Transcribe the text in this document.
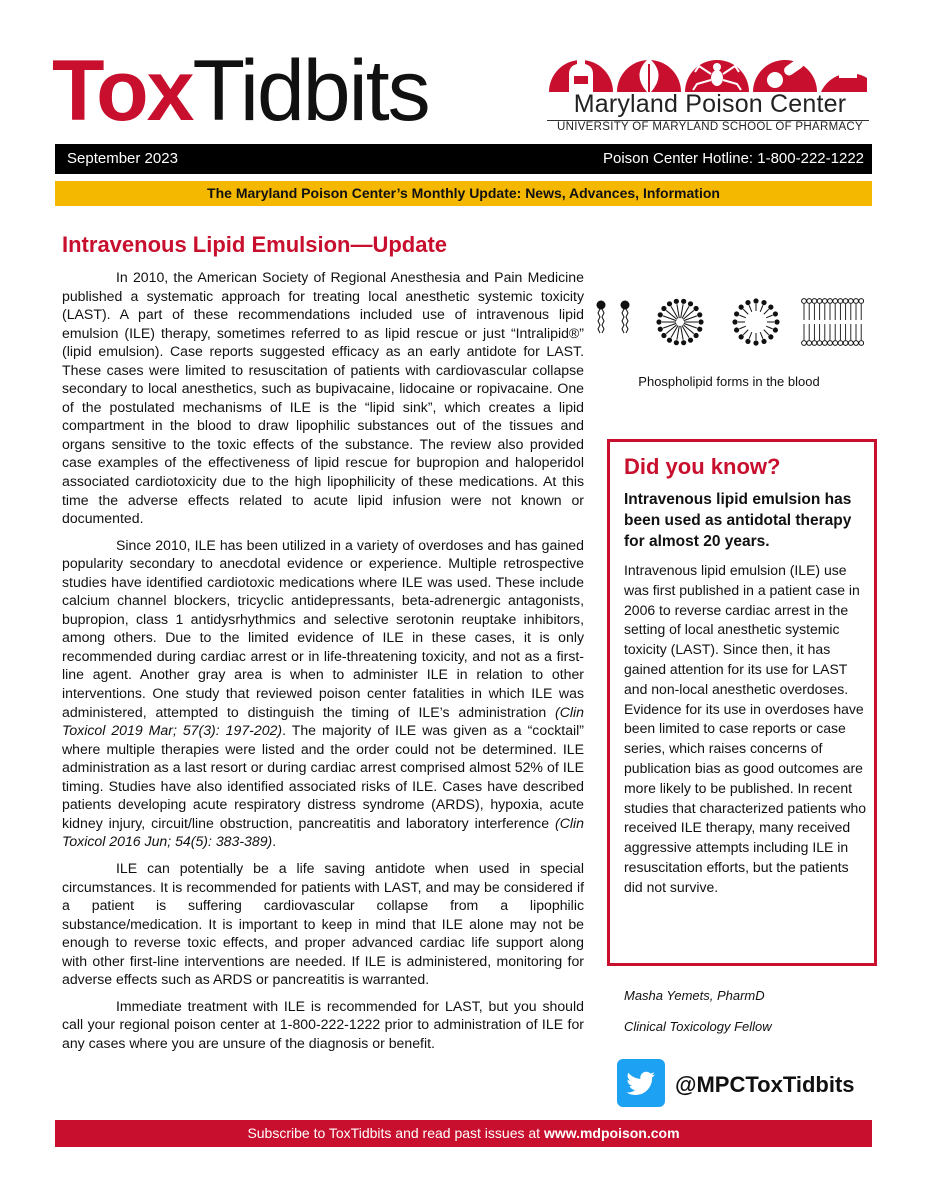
ToxTidbits	Maryland Poison Center
UNIVERSITY OF MARYLAND SCHOOL OF PHARMACY
September 2023	Poison Center Hotline: 1-800-222-1222
The Maryland Poison Center’s Monthly Update: News, Advances, Information
Intravenous Lipid Emulsion—Update

In 2010, the American Society of Regional Anesthesia and Pain Medicine published a systematic approach for treating local anesthetic systemic toxicity (LAST). A part of these recommendations included use of intravenous lipid emulsion (ILE) therapy, sometimes referred to as lipid rescue or just “Intralipid®” (lipid emulsion). Case reports suggested efficacy as an early antidote for LAST. These cases were limited to resuscitation of patients with cardiovascular collapse secondary to local anesthetics, such as bupivacaine, lidocaine or ropivacaine. One of the postulated mechanisms of ILE is the “lipid sink”, which creates a lipid compartment in the blood to draw lipophilic substances out of the tissues and organs sensitive to the toxic effects of the substance. The review also provided case examples of the effectiveness of lipid rescue for bupropion and haloperidol associated cardiotoxicity due to the high lipophilicity of these medications. At this time the adverse effects related to acute lipid infusion were not known or documented.

Since 2010, ILE has been utilized in a variety of overdoses and has gained popularity secondary to anecdotal evidence or experience. Multiple retrospective studies have identified cardiotoxic medications where ILE was used. These include calcium channel blockers, tricyclic antidepressants, beta-adrenergic antagonists, bupropion, class 1 antidysrhythmics and selective serotonin reuptake inhibitors, among others. Due to the limited evidence of ILE in these cases, it is only recommended during cardiac arrest or in life-threatening toxicity, and not as a first-line agent. Another gray area is when to administer ILE in relation to other interventions. One study that reviewed poison center fatalities in which ILE was administered, attempted to distinguish the timing of ILE’s administration (Clin Toxicol 2019 Mar; 57(3): 197-202). The majority of ILE was given as a “cocktail” where multiple therapies were listed and the order could not be determined. ILE administration as a last resort or during cardiac arrest comprised almost 52% of ILE timing. Studies have also identified associated risks of ILE. Cases have described patients developing acute respiratory distress syndrome (ARDS), hypoxia, acute kidney injury, circuit/line obstruction, pancreatitis and laboratory interference (Clin Toxicol 2016 Jun; 54(5): 383-389).

ILE can potentially be a life saving antidote when used in special circumstances. It is recommended for patients with LAST, and may be considered if a patient is suffering cardiovascular collapse from a lipophilic substance/medication. It is important to keep in mind that ILE alone may not be enough to reverse toxic effects, and proper advanced cardiac life support along with other first-line interventions are needed. If ILE is administered, monitoring for adverse effects such as ARDS or pancreatitis is warranted.

Immediate treatment with ILE is recommended for LAST, but you should call your regional poison center at 1-800-222-1222 prior to administration of ILE for any cases where you are unsure of the diagnosis or benefit.

Phospholipid forms in the blood
Did you know?
Intravenous lipid emulsion has been used as antidotal therapy for almost 20 years.
Intravenous lipid emulsion (ILE) use was first published in a patient case in 2006 to reverse cardiac arrest in the setting of local anesthetic systemic toxicity (LAST). Since then, it has gained attention for its use for LAST and non-local anesthetic overdoses. Evidence for its use in overdoses have been limited to case reports or case series, which raises concerns of publication bias as good outcomes are more likely to be published. In recent studies that characterized patients who received ILE therapy, many received aggressive attempts including ILE in resuscitation efforts, but the patients did not survive.
Masha Yemets, PharmD
Clinical Toxicology Fellow
@MPCToxTidbits
Subscribe to ToxTidbits and read past issues at www.mdpoison.com
